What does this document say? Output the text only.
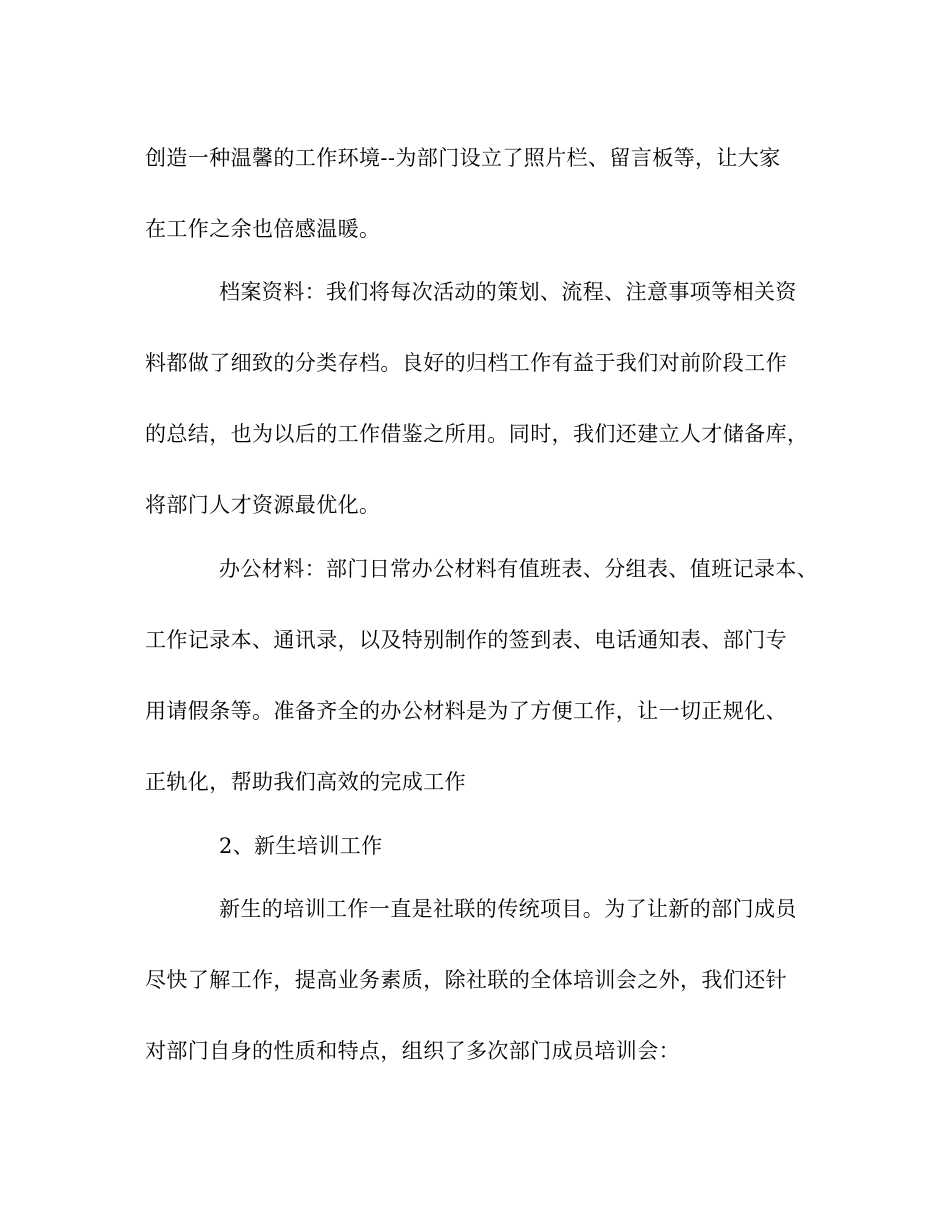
创造一种温馨的工作环境--为部门设立了照片栏、留言板等，让大家
在工作之余也倍感温暖。
档案资料：我们将每次活动的策划、流程、注意事项等相关资
料都做了细致的分类存档。良好的归档工作有益于我们对前阶段工作
的总结，也为以后的工作借鉴之所用。同时，我们还建立人才储备库，
将部门人才资源最优化。
办公材料：部门日常办公材料有值班表、分组表、值班记录本、
工作记录本、通讯录，以及特别制作的签到表、电话通知表、部门专
用请假条等。准备齐全的办公材料是为了方便工作，让一切正规化、
正轨化，帮助我们高效的完成工作
2、新生培训工作
新生的培训工作一直是社联的传统项目。为了让新的部门成员
尽快了解工作，提高业务素质，除社联的全体培训会之外，我们还针
对部门自身的性质和特点，组织了多次部门成员培训会：
